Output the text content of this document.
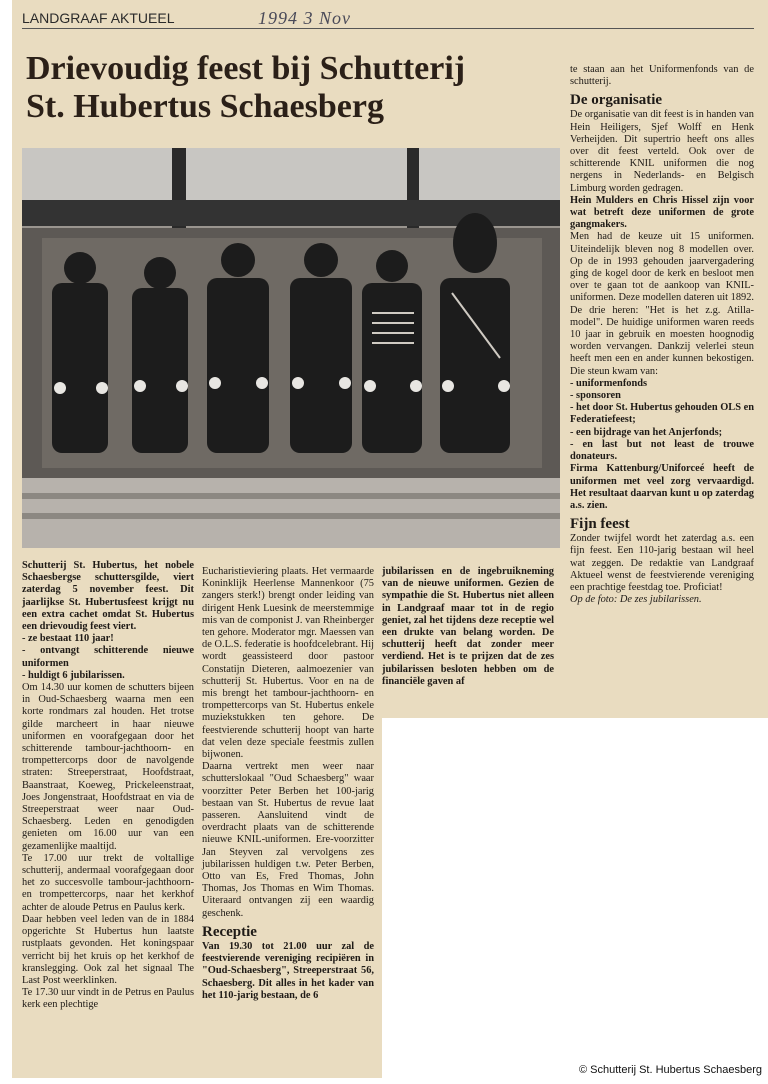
LANDGRAAF AKTUEEL	1994 3 Nov
Drievoudig feest bij Schutterij
St. Hubertus Schaesberg

Schutterij St. Hubertus, het nobele Schaesbergse schuttersgilde, viert zaterdag 5 november feest. Dit jaarlijkse St. Hubertusfeest krijgt nu een extra cachet omdat St. Hubertus een drievoudig feest viert.

- ze bestaat 110 jaar!

- ontvangt schitterende nieuwe uniformen

- huldigt 6 jubilarissen.

Om 14.30 uur komen de schutters bijeen in Oud-Schaesberg waarna men een korte rondmars zal houden. Het trotse gilde marcheert in haar nieuwe uniformen en voorafgegaan door het schitterende tambour-jachthoorn- en trompettercorps door de navolgende straten: Streeperstraat, Hoofdstraat, Baanstraat, Koeweg, Prickeleenstraat, Joes Jongenstraat, Hoofdstraat en via de Streeperstraat weer naar Oud-Schaesberg. Leden en genodigden genieten om 16.00 uur van een gezamenlijke maaltijd.

Te 17.00 uur trekt de voltallige schutterij, andermaal voorafgegaan door het zo succesvolle tambour-jachthoorn- en trompettercorps, naar het kerkhof achter de aloude Petrus en Paulus kerk.

Daar hebben veel leden van de in 1884 opgerichte St Hubertus hun laatste rustplaats gevonden. Het koningspaar verricht bij het kruis op het kerkhof de kranslegging. Ook zal het signaal The Last Post weerklinken.

Te 17.30 uur vindt in de Petrus en Paulus kerk een plechtige

Eucharistieviering plaats. Het vermaarde Koninklijk Heerlense Mannenkoor (75 zangers sterk!) brengt onder leiding van dirigent Henk Luesink de meerstemmige mis van de componist J. van Rheinberger ten gehore. Moderator mgr. Maessen van de O.L.S. federatie is hoofdcelebrant. Hij wordt geassisteerd door pastoor Constatijn Dieteren, aalmoezenier van schutterij St. Hubertus. Voor en na de mis brengt het tambour-jachthoorn- en trompettercorps van St. Hubertus enkele muziekstukken ten gehore. De feestvierende schutterij hoopt van harte dat velen deze speciale feestmis zullen bijwonen.

Daarna vertrekt men weer naar schutterslokaal "Oud Schaesberg" waar voorzitter Peter Berben het 100-jarig bestaan van St. Hubertus de revue laat passeren. Aansluitend vindt de overdracht plaats van de schitterende nieuwe KNIL-uniformen. Ere-voorzitter Jan Steyven zal vervolgens zes jubilarissen huldigen t.w. Peter Berben, Otto van Es, Fred Thomas, John Thomas, Jos Thomas en Wim Thomas. Uiteraard ontvangen zij een waardig geschenk.

Receptie

Van 19.30 tot 21.00 uur zal de feestvierende vereniging recipiëren in "Oud-Schaesberg", Streeperstraat 56, Schaesberg. Dit alles in het kader van het 110-jarig bestaan, de 6

jubilarissen en de ingebruikneming van de nieuwe uniformen. Gezien de sympathie die St. Hubertus niet alleen in Landgraaf maar tot in de regio geniet, zal het tijdens deze receptie wel een drukte van belang worden. De schutterij heeft dat zonder meer verdiend. Het is te prijzen dat de zes jubilarissen besloten hebben om de financiële gaven af

te staan aan het Uniformenfonds van de schutterij.

De organisatie

De organisatie van dit feest is in handen van Hein Heiligers, Sjef Wolff en Henk Verheijden. Dit supertrio heeft ons alles over dit feest verteld. Ook over de schitterende KNIL uniformen die nog nergens in Nederlands- en Belgisch Limburg worden gedragen.

Hein Mulders en Chris Hissel zijn voor wat betreft deze uniformen de grote gangmakers.

Men had de keuze uit 15 uniformen. Uiteindelijk bleven nog 8 modellen over. Op de in 1993 gehouden jaarvergadering ging de kogel door de kerk en besloot men over te gaan tot de aankoop van KNIL-uniformen. Deze modellen dateren uit 1892. De drie heren: "Het is het z.g. Atilla-model". De huidige uniformen waren reeds 10 jaar in gebruik en moesten hoognodig worden vervangen. Dankzij velerlei steun heeft men een en ander kunnen bekostigen. Die steun kwam van:

- uniformenfonds

- sponsoren

- het door St. Hubertus gehouden OLS en Federatiefeest;

- een bijdrage van het Anjerfonds;

- en last but not least de trouwe donateurs.

Firma Kattenburg/Uniforceé heeft de uniformen met veel zorg vervaardigd. Het resultaat daarvan kunt u op zaterdag a.s. zien.

Fijn feest

Zonder twijfel wordt het zaterdag a.s. een fijn feest. Een 110-jarig bestaan wil heel wat zeggen. De redaktie van Landgraaf Aktueel wenst de feestvierende vereniging een prachtige feestdag toe. Proficiat!

Op de foto: De zes jubilarissen.

© Schutterij St. Hubertus Schaesberg
